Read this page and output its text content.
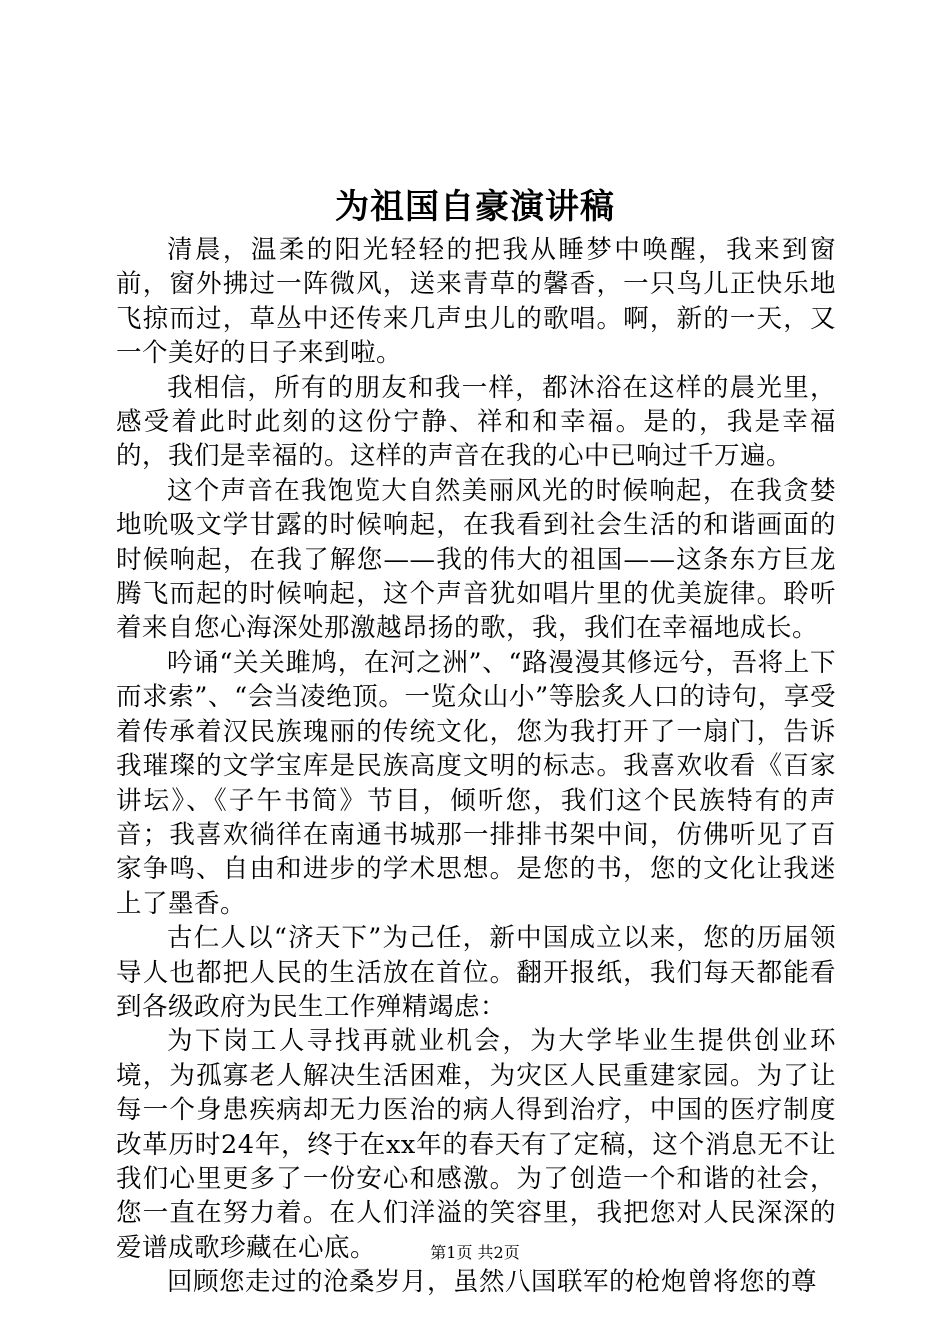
为祖国自豪演讲稿

清晨，温柔的阳光轻轻的把我从睡梦中唤醒，我来到窗前，窗外拂过一阵微风，送来青草的馨香，一只鸟儿正快乐地飞掠而过，草丛中还传来几声虫儿的歌唱。啊，新的一天，又一个美好的日子来到啦。

我相信，所有的朋友和我一样，都沐浴在这样的晨光里，感受着此时此刻的这份宁静、祥和和幸福。是的，我是幸福的，我们是幸福的。这样的声音在我的心中已响过千万遍。

这个声音在我饱览大自然美丽风光的时候响起，在我贪婪地吮吸文学甘露的时候响起，在我看到社会生活的和谐画面的时候响起，在我了解您——我的伟大的祖国——这条东方巨龙腾飞而起的时候响起，这个声音犹如唱片里的优美旋律。聆听着来自您心海深处那激越昂扬的歌，我，我们在幸福地成长。

吟诵“关关雎鸠，在河之洲”、“路漫漫其修远兮，吾将上下而求索”、“会当凌绝顶。一览众山小”等脍炙人口的诗句，享受着传承着汉民族瑰丽的传统文化，您为我打开了一扇门，告诉我璀璨的文学宝库是民族高度文明的标志。我喜欢收看《百家讲坛》、《子午书简》节目，倾听您，我们这个民族特有的声音；我喜欢徜徉在南通书城那一排排书架中间，仿佛听见了百家争鸣、自由和进步的学术思想。是您的书，您的文化让我迷上了墨香。

古仁人以“济天下”为己任，新中国成立以来，您的历届领导人也都把人民的生活放在首位。翻开报纸，我们每天都能看到各级政府为民生工作殚精竭虑：

为下岗工人寻找再就业机会，为大学毕业生提供创业环境，为孤寡老人解决生活困难，为灾区人民重建家园。为了让每一个身患疾病却无力医治的病人得到治疗，中国的医疗制度改革历时24年，终于在xx年的春天有了定稿，这个消息无不让我们心里更多了一份安心和感激。为了创造一个和谐的社会，您一直在努力着。在人们洋溢的笑容里，我把您对人民深深的爱谱成歌珍藏在心底。

回顾您走过的沧桑岁月，虽然八国联军的枪炮曾将您的尊

第1页 共2页
